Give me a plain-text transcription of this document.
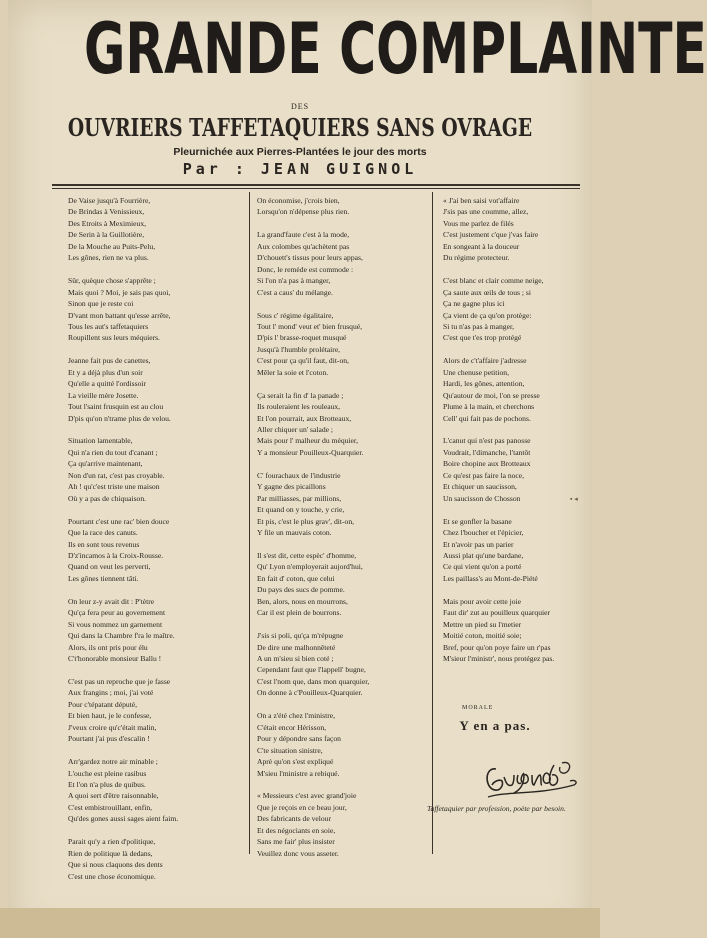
GRANDE COMPLAINTE
DES
OUVRIERS TAFFETAQUIERS SANS OVRAGE
Pleurnichée aux Pierres-Plantées le jour des morts
Par : JEAN GUIGNOL
De Vaise jusqu'à Fourrière,
De Brindas à Venissieux,
Des Etroits à Meximieux,
De Serin à la Guillotière,
De la Mouche au Puits-Pelu,
Les gônes, rien ne va plus.
Sûr, quèque chose s'apprête ;
Mais quoi ? Moi, je sais pas quoi,
Sinon que je reste coi
D'vant mon battant qu'esse arrête,
Tous les aut's taffetaquiers
Roupillent sus leurs méquiers.
Jeanne fait pus de canettes,
Et y a déjà plus d'un soir
Qu'elle a quitté l'ordissoir
La vieille mère Josette.
Tout l'saint frusquin est au clou
D'pis qu'on n'trame plus de velou.
Situation lamentable,
Qui n'a rien du tout d'canant ;
Ça qu'arrive maintenant,
Non d'un rat, c'est pas croyable.
Ah ! qu'c'est triste une maison
Où y a pas de chiquaison.
Pourtant c'est une rac' bien douce
Que la race des canuts.
Ils en sont tous revenus
D'z'incamos à la Croix-Rousse.
Quand on veut les perverti,
Les gônes tiennent tâti.
On leur z-y avait dit : P'tètre
Qu'ça fera peur au governement
Si vous nommez un garnement
Qui dans la Chambre f'ra le maître.
Alors, ils ont pris pour élu
C't'honorable monsieur Ballu !
C'est pas un reproche que je fasse
Aux frangins ; moi, j'ai voté
Pour c'tépatant député,
Et bien haut, je le confesse,
J'veux croire qu'c'était malin,
Pourtant j'ai pus d'escalin !
Arr'gardez notre air minable ;
L'ouche est pleine rasibus
Et l'on n'a plus de quibus.
A quoi sert d'être raisonnable,
C'est embistrouillant, enfin,
Qu'des gones aussi sages aient faim.
Parait qu'y a rien d'politique,
Rien de politique là dedans,
Que si nous claquons des dents
C'est une chose économique.
On économise, j'crois bien,
Lorsqu'on n'dépense plus rien.
La grand'faute c'est à la mode,
Aux colombes qu'achètent pas
D'chouett's tissus pour leurs appas,
Donc, le remède est commode :
Si l'on n'a pas à manger,
C'est a caus' du mélange.
Sous c' régime égalitaire,
Tout l' mond' veut et' bien frusqué,
D'pis l' brasse-roquet musqué
Jusqu'à l'humble prolétaire,
C'est pour ça qu'il faut, dit-on,
Mêler la soie et l'coton.
Ça serait la fin d' la panade ;
Ils rouleraient les rouleaux,
Et l'on pourrait, aux Brotteaux,
Aller chiquer un' salade ;
Mais pour l' malheur du méquier,
Y a monsieur Pouilleux-Quarquier.
C' fourachaux de l'industrie
Y gagne des picaillons
Par milliasses, par millions,
Et quand on y touche, y crie,
Et pis, c'est le plus grav', dit-on,
Y file un mauvais coton.
Il s'est dit, cette espèc' d'homme,
Qu' Lyon n'employerait aujord'hui,
En fait d' coton, que celui
Du pays des sucs de pomme.
Ben, alors, nous en mourrons,
Car il est plein de bourrons.
J'sis si poli, qu'ça m'répugne
De dire une malhonnêteté
A un m'sieu si bien coté ;
Cependant faut que l'lappell' bugne,
C'est l'nom que, dans mon quarquier,
On donne à c'Pouilleux-Quarquier.
On a z'été chez l'ministre,
C'était encor Hérisson,
Pour y dépondre sans façon
C'te situation sinistre,
Aprè qu'on s'est expliqué
M'sieu l'ministre a rebiqué.
« Messieurs c'est avec grand'joie
Que je reçois en ce beau jour,
Des fabricants de velour
Et des négociants en soie,
Sans me fair' plus insister
Veuillez donc vous asseter.
« J'ai ben saisi vot'affaire
J'sis pas une coumme, allez,
Vous me parlez de filés
C'est justement c'que j'vas faire
En songeant à la douceur
Du régime protecteur.
C'est blanc et clair comme neige,
Ça saute aux œils de tous ; si
Ça ne gagne plus ici
Ça vient de ça qu'on protège:
Si tu n'as pas à manger,
C'est que t'es trop protégé
Alors de c't'affaire j'adresse
Une chenuse petition,
Hardi, les gônes, attention,
Qu'autour de moi, l'on se presse
Plume à la main, et cherchons
Cell' qui fait pas de pochons.
L'canut qui n'est pas panosse
Voudrait, l'dimanche, l'tantôt
Boire chopine aux Brotteaux
Ce qu'est pas faire la noce,
Et chiquer un saucisson,
Un saucisson de Chosson
Et se gonfler la basane
Chez l'boucher et l'épicier,
Et n'avoir pas un parier
Aussi plat qu'une bardane,
Ce qui vient qu'on a porté
Les paillass's au Mont-de-Piété
Mais pour avoir cette joie
Faut dir' zut au pouilleux quarquier
Mettre un pied su l'metier
Moitié coton, moitié soie;
Bref, pour qu'on poye faire un r'pas
M'sieur l'ministr', nous protégez pas.
MORALE
Y en a pas.
Taffetaquier par profession, poète par besoin.
▪ ◂
